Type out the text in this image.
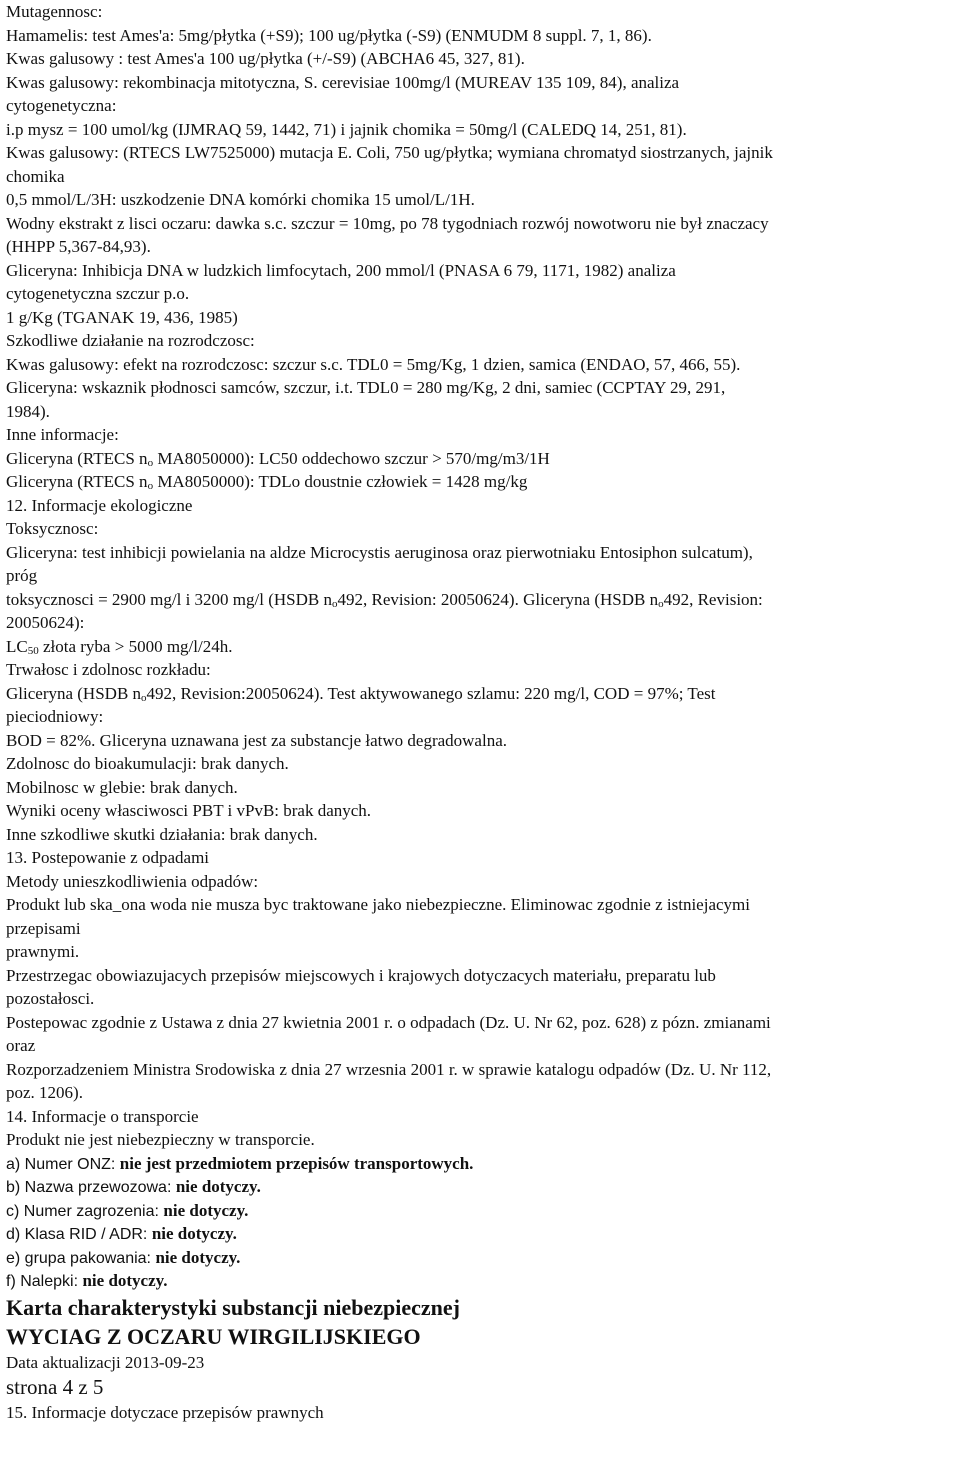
Mutagennosc:

Hamamelis: test Ames'a: 5mg/płytka (+S9); 100 ug/płytka (-S9) (ENMUDM 8 suppl. 7, 1, 86).

Kwas galusowy : test Ames'a 100 ug/płytka (+/-S9) (ABCHA6 45, 327, 81).

Kwas galusowy: rekombinacja mitotyczna, S. cerevisiae 100mg/l (MUREAV 135 109, 84), analiza

cytogenetyczna:

i.p mysz = 100 umol/kg (IJMRAQ 59, 1442, 71) i jajnik chomika = 50mg/l (CALEDQ 14, 251, 81).

Kwas galusowy: (RTECS LW7525000) mutacja E. Coli, 750 ug/płytka; wymiana chromatyd siostrzanych, jajnik

chomika

0,5 mmol/L/3H: uszkodzenie DNA komórki chomika 15 umol/L/1H.

Wodny ekstrakt z lisci oczaru: dawka s.c. szczur = 10mg, po 78 tygodniach rozwój nowotworu nie był znaczacy

(HHPP 5,367-84,93).

Gliceryna: Inhibicja DNA w ludzkich limfocytach, 200 mmol/l (PNASA 6 79, 1171, 1982) analiza

cytogenetyczna szczur p.o.

1 g/Kg (TGANAK 19, 436, 1985)

Szkodliwe działanie na rozrodczosc:

Kwas galusowy: efekt na rozrodczosc: szczur s.c. TDL0 = 5mg/Kg, 1 dzien, samica (ENDAO, 57, 466, 55).

Gliceryna: wskaznik płodnosci samców, szczur, i.t. TDL0 = 280 mg/Kg, 2 dni, samiec (CCPTAY 29, 291,

1984).

Inne informacje:

Gliceryna (RTECS $n_o$ MA8050000): LC50 oddechowo szczur > 570/mg/m3/1H

Gliceryna (RTECS $n_o$ MA8050000): TDLo doustnie człowiek = 1428 mg/kg

12. Informacje ekologiczne

Toksycznosc:

Gliceryna: test inhibicji powielania na aldze Microcystis aeruginosa oraz pierwotniaku Entosiphon sulcatum),

próg

toksycznosci = 2900 mg/l i 3200 mg/l (HSDB $n_o492$, Revision: 20050624). Gliceryna (HSDB $n_o492$, Revision:

20050624):

$LC_{50}$ złota ryba > 5000 mg/l/24h.

Trwałosc i zdolnosc rozkładu:

Gliceryna (HSDB $n_o492$, Revision:20050624). Test aktywowanego szlamu: 220 mg/l, COD = 97%; Test

pieciodniowy:

BOD = 82%. Gliceryna uznawana jest za substancje łatwo degradowalna.

Zdolnosc do bioakumulacji: brak danych.

Mobilnosc w glebie: brak danych.

Wyniki oceny własciwosci PBT i vPvB: brak danych.

Inne szkodliwe skutki działania: brak danych.

13. Postepowanie z odpadami

Metody unieszkodliwienia odpadów:

Produkt lub ska_ona woda nie musza byc traktowane jako niebezpieczne. Eliminowac zgodnie z istniejacymi

przepisami

prawnymi.

Przestrzegac obowiazujacych przepisów miejscowych i krajowych dotyczacych materiału, preparatu lub

pozostałosci.

Postepowac zgodnie z Ustawa z dnia 27 kwietnia 2001 r. o odpadach (Dz. U. Nr 62, poz. 628) z pózn. zmianami

oraz

Rozporzadzeniem Ministra Srodowiska z dnia 27 wrzesnia 2001 r. w sprawie katalogu odpadów (Dz. U. Nr 112,

poz. 1206).

14. Informacje o transporcie

Produkt nie jest niebezpieczny w transporcie.

a) Numer ONZ: nie jest przedmiotem przepisów transportowych.

b) Nazwa przewozowa: nie dotyczy.

c) Numer zagrozenia: nie dotyczy.

d) Klasa RID / ADR: nie dotyczy.

e) grupa pakowania: nie dotyczy.

f) Nalepki: nie dotyczy.

Karta charakterystyki substancji niebezpiecznej

WYCIAG Z OCZARU WIRGILIJSKIEGO

Data aktualizacji 2013-09-23

strona 4 z 5

15. Informacje dotyczace przepisów prawnych
